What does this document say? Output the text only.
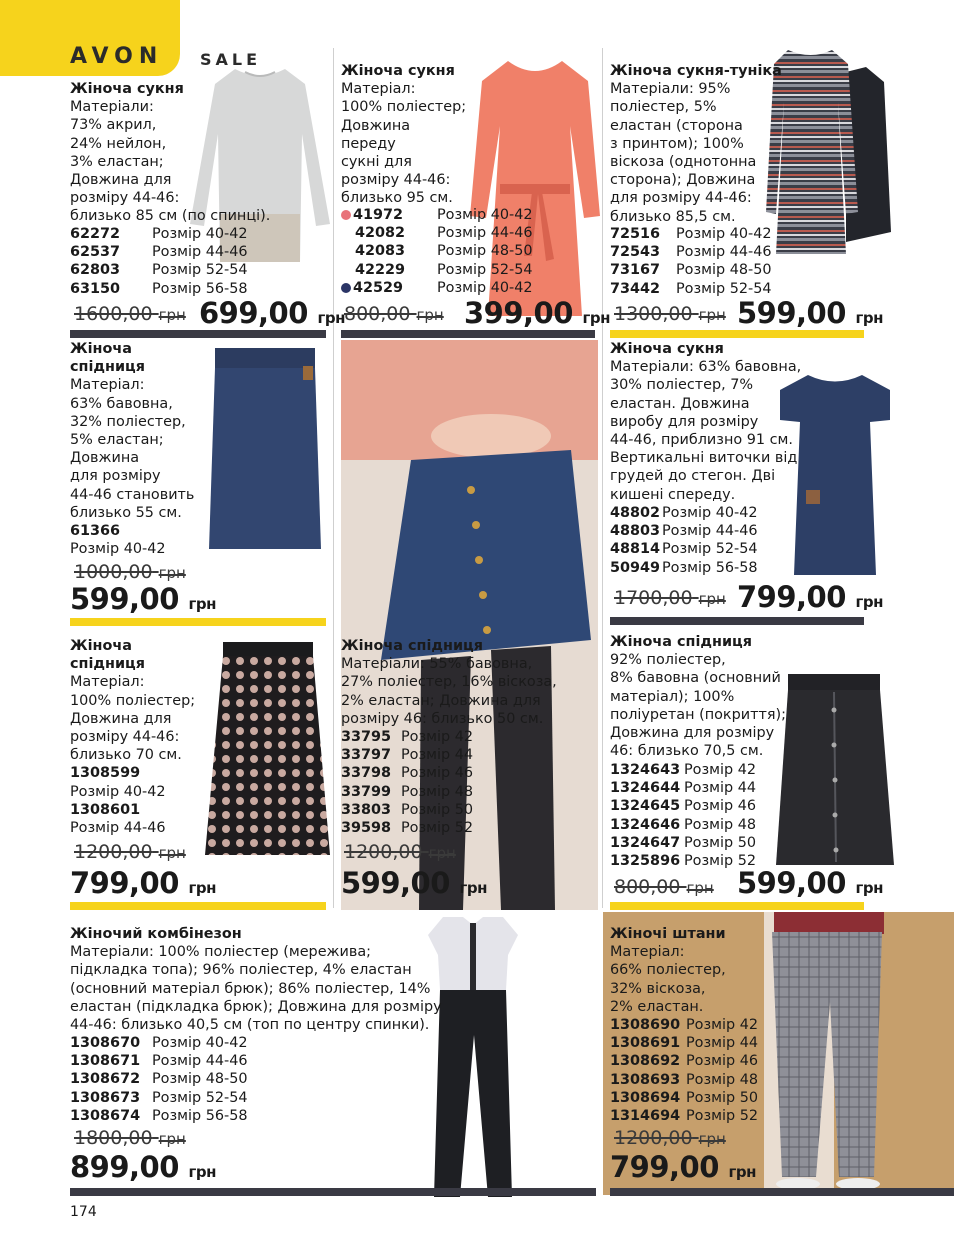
AVON SALE
Жіноча сукня
Матеріали:
73% акрил,
24% нейлон,
3% еластан;
Довжина для
розміру 44-46:
близько 85 см (по спинці).
62272 Розмір 40-42
62537 Розмір 44-46
62803 Розмір 52-54
63150 Розмір 56-58
1600,00 грн 699,00 грн
Жіноча сукня
Матеріал:
100% поліестер;
Довжина
переду
сукні для
розміру 44-46:
близько 95 см.
41972 Розмір 40-42
42082 Розмір 44-46
42083 Розмір 48-50
42229 Розмір 52-54
42529 Розмір 40-42
800,00 грн 399,00 грн
Жіноча сукня-туніка
Матеріали: 95%
поліестер, 5%
еластан (сторона
з принтом); 100%
віскоза (однотонна
сторона); Довжина
для розміру 44-46:
близько 85,5 см.
72516 Розмір 40-42
72543 Розмір 44-46
73167 Розмір 48-50
73442 Розмір 52-54
1300,00 грн 599,00 грн
Жіноча
спідниця
Матеріал:
63% бавовна,
32% поліестер,
5% еластан;
Довжина
для розміру
44-46 становить
близько 55 см.
61366
Розмір 40-42
1000,00 грн
599,00 грн
Жіноча сукня
Матеріали: 63% бавовна,
30% поліестер, 7%
еластан. Довжина
виробу для розміру
44-46, приблизно 91 см.
Вертикальні виточки від
грудей до стегон. Дві
кишені спереду.
48802 Розмір 40-42
48803 Розмір 44-46
48814 Розмір 52-54
50949 Розмір 56-58
1700,00 грн 799,00 грн
Жіноча
спідниця
Матеріал:
100% поліестер;
Довжина для
розміру 44-46:
близько 70 см.
1308599
Розмір 40-42
1308601
Розмір 44-46
1200,00 грн
799,00 грн
Жіноча спідниця
Матеріали: 55% бавовна,
27% поліестер, 16% віскоза,
2% еластан; Довжина для
розміру 46: близько 50 см.
33795 Розмір 42
33797 Розмір 44
33798 Розмір 46
33799 Розмір 48
33803 Розмір 50
39598 Розмір 52
1200,00 грн
599,00 грн
Жіноча спідниця
92% поліестер,
8% бавовна (основний
матеріал); 100%
поліуретан (покриття);
Довжина для розміру
46: близько 70,5 см.
1324643 Розмір 42
1324644 Розмір 44
1324645 Розмір 46
1324646 Розмір 48
1324647 Розмір 50
1325896 Розмір 52
800,00 грн 599,00 грн
Жіночий комбінезон
Матеріали: 100% поліестер (мережива;
підкладка топа); 96% поліестер, 4% еластан
(основний матеріал брюк); 86% поліестер, 14%
еластан (підкладка брюк); Довжина для розміру
44-46: близько 40,5 см (топ по центру спинки).
1308670 Розмір 40-42
1308671 Розмір 44-46
1308672 Розмір 48-50
1308673 Розмір 52-54
1308674 Розмір 56-58
1800,00 грн
899,00 грн
Жіночі штани
Матеріал:
66% поліестер,
32% віскоза,
2% еластан.
1308690 Розмір 42
1308691 Розмір 44
1308692 Розмір 46
1308693 Розмір 48
1308694 Розмір 50
1314694 Розмір 52
1200,00 грн
799,00 грн
174
